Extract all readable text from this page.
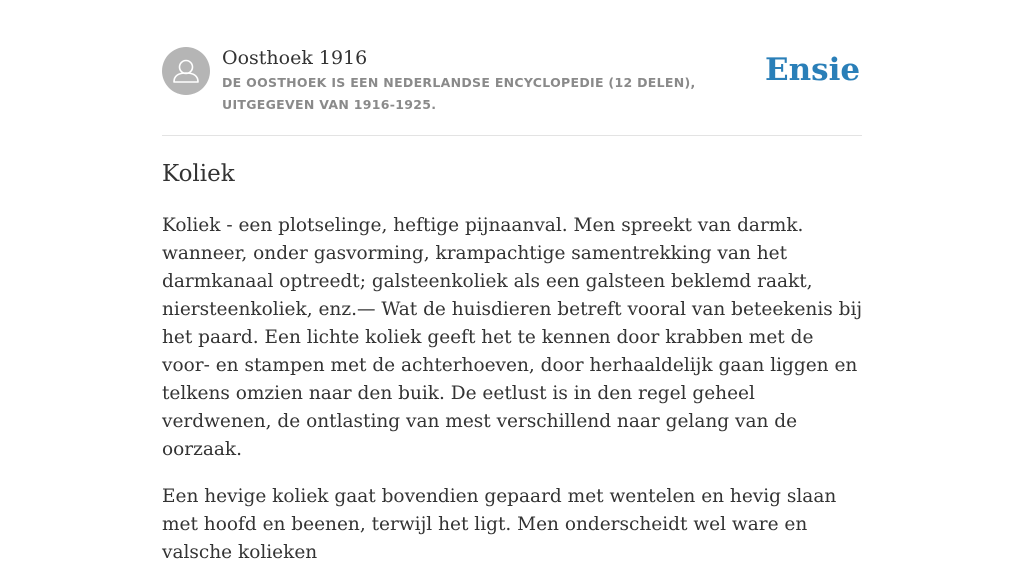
Oosthoek 1916
DE OOSTHOEK IS EEN NEDERLANDSE ENCYCLOPEDIE (12 DELEN), UITGEGEVEN VAN 1916-1925.
Ensie
Koliek

Koliek - een plotselinge, heftige pijnaanval. Men spreekt van darmk. wanneer, onder gasvorming, krampachtige samentrekking van het darmkanaal optreedt; galsteenkoliek als een galsteen beklemd raakt, niersteenkoliek, enz.— Wat de huisdieren betreft vooral van beteekenis bij het paard. Een lichte koliek geeft het te kennen door krabben met de voor- en stampen met de achterhoeven, door herhaaldelijk gaan liggen en telkens omzien naar den buik. De eetlust is in den regel geheel verdwenen, de ontlasting van mest verschillend naar gelang van de oorzaak.

Een hevige koliek gaat bovendien gepaard met wentelen en hevig slaan met hoofd en beenen, terwijl het ligt. Men onderscheidt wel ware en valsche kolieken
